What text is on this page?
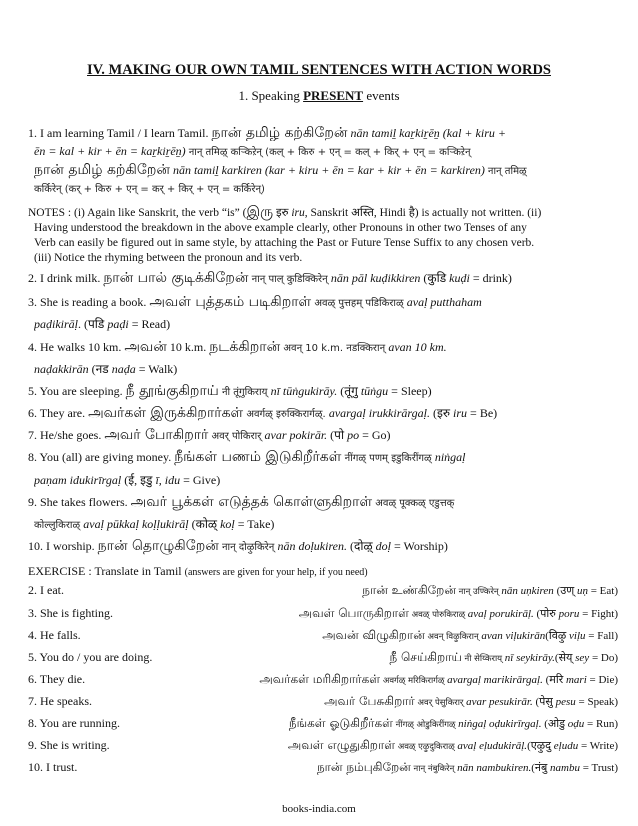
IV. MAKING OUR OWN TAMIL SENTENCES WITH ACTION WORDS
1. Speaking PRESENT events
1. I am learning Tamil / I learn Tamil. நான் தமிழ் கற்கிறேன் nān tamiḻ kaṟkiṟēṉ (kal + kiru +
ēn = kal + kir + ēn = kaṟkiṟēṉ) नान् तमिऴ् कऱ्किऱेन् (कल् + किरु + एन् = कल् + किर् + एन् = कऱ्किऱेन्
நான் தமிழ் கற்கிறேன் nān tamiḻ karkiren (kar + kiru + ēn = kar + kir + ēn = karkiren) नान् तमिऴ्
कर्किरेन् (कर् + किरु + एन् = कर् + किर् + एन् = कर्किरेन्)
NOTES : (i) Again like Sanskrit, the verb “is” (இரு इरु iru, Sanskrit अस्ति, Hindi है) is actually not written. (ii)
Having understood the breakdown in the above example clearly, other Pronouns in other two Tenses of any
Verb can easily be figured out in same style, by attaching the Past or Future Tense Suffix to any chosen verb.
(iii) Notice the rhyming between the pronoun and its verb.
2. I drink milk. நான் பால் குடிக்கிறேன் नान् पाल् कुडिक्किरेन् nān pāl kuḍikkiren (कुडि kuḍi = drink)
3. She is reading a book. அவள் புத்தகம் படிகிறாள் अवळ् पुत्तहम् पडिकिराळ् avaḷ putthaham
paḍikirāḷ. (पडि paḍi = Read)
4. He walks 10 km. அவன் 10 k.m. நடக்கிறான் अवन् 10 k.m. नडक्किरान् avan 10 km.
naḍakkirān (नड naḍa = Walk)
5. You are sleeping. நீ தூங்குகிறாய் नी तूंगुकिराय् nī tūṅgukirāy. (तूंगु tūṅgu = Sleep)
6. They are. அவர்கள் இருக்கிறார்கள் अवर्गळ् इरुक्किरार्गळ्. avargaḷ irukkirārgaḷ. (इरु iru = Be)
7. He/she goes. அவர் போகிறார் अवर् पोकिरार् avar pokirār. (पो po = Go)
8. You (all) are giving money. நீங்கள் பணம் இடுகிறீர்கள் नींगळ् पणम् इडुकिरींगळ् niṅgaḷ
paṇam idukirīrgaḷ (ई, इडु ī, idu = Give)
9. She takes flowers. அவர் பூக்கள் எடுத்தக் கொள்ளுகிறாள் अवळ् पूक्कळ् एडुत्तक्
कोल्लुकिराळ् avaḷ pūkkaḷ koḷḷukirāḷ (कोळ् koḷ = Take)
10. I worship. நான் தொழுகிறேன் नान् दोऴुकिरेन् nān doḷukiren. (दोऴ् doḷ = Worship)
EXERCISE : Translate in Tamil (answers are given for your help, if you need)
2. I eat.	நான் உண்கிறேன் नान् उण्किरेन् nān uṇkiren (उण् uṇ = Eat)
3. She is fighting.	அவள் பொருகிறாள் अवळ् पोरुकिराळ् avaḷ porukirāḷ. (पोरु poru = Fight)
4. He falls.	அவன் விழுகிறான் अवन् विऴुकिरान् avan viḷukirān(विऴु viḷu = Fall)
5. You do / you are doing.	நீ செய்கிறாய் नी सेय्किराय् nī seykirāy.(सेय् sey = Do)
6. They die.	அவர்கள் மரிகிறார்கள் अवर्गळ् मरिकिरार्गळ् avargaḷ marikirārgaḷ. (मरि mari = Die)
7. He speaks.	அவர் பேசுகிறார் अवर् पेसुकिरार् avar pesukirār. (पेसु pesu = Speak)
8. You are running.	நீங்கள் ஓடுகிறீர்கள் नींगळ् ओडुकिरींगळ् niṅgaḷ oḍukirīrgaḷ. (ओडु oḍu = Run)
9. She is writing.	அவள் எழுதுகிறாள் अवळ् एऴुदुकिराळ् avaḷ eḷudukirāḷ.(एऴुदु eḷudu = Write)
10. I trust.	நான் நம்புகிறேன் नान् नंबुकिरेन् nān nambukiren.(नंबु nambu = Trust)
books-india.com
